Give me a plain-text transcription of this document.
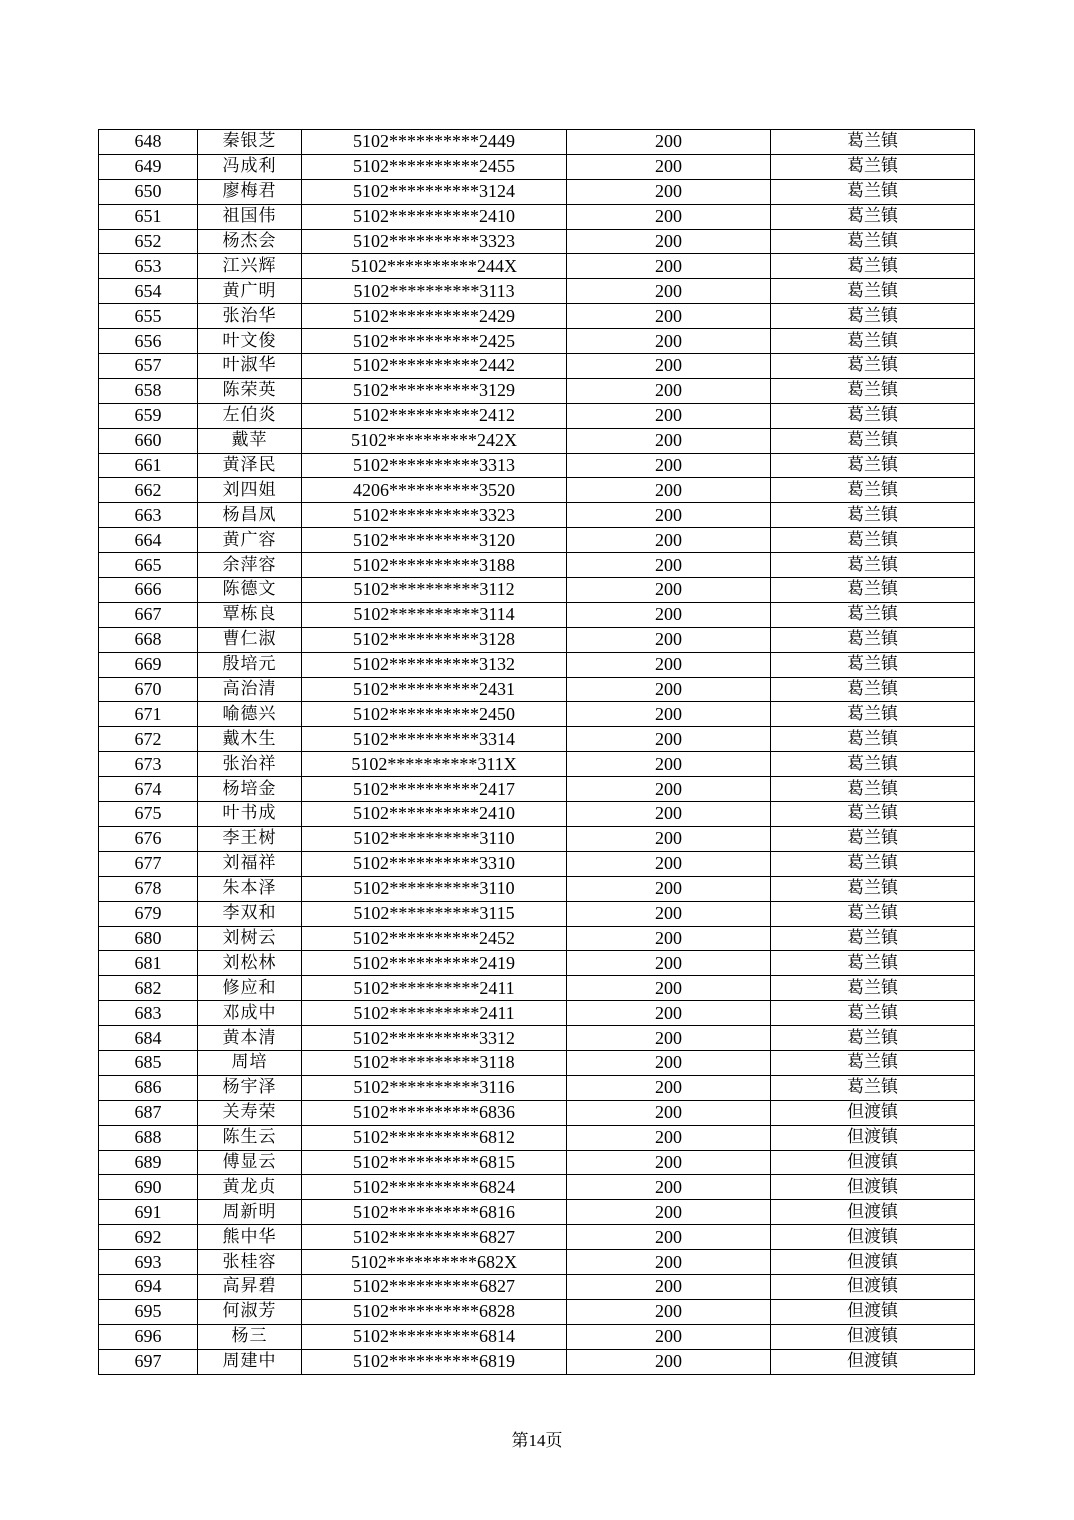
648	秦银芝	5102**********2449	200	葛兰镇
649	冯成利	5102**********2455	200	葛兰镇
650	廖梅君	5102**********3124	200	葛兰镇
651	祖国伟	5102**********2410	200	葛兰镇
652	杨杰会	5102**********3323	200	葛兰镇
653	江兴辉	5102**********244X	200	葛兰镇
654	黄广明	5102**********3113	200	葛兰镇
655	张治华	5102**********2429	200	葛兰镇
656	叶文俊	5102**********2425	200	葛兰镇
657	叶淑华	5102**********2442	200	葛兰镇
658	陈荣英	5102**********3129	200	葛兰镇
659	左伯炎	5102**********2412	200	葛兰镇
660	戴苹	5102**********242X	200	葛兰镇
661	黄泽民	5102**********3313	200	葛兰镇
662	刘四姐	4206**********3520	200	葛兰镇
663	杨昌凤	5102**********3323	200	葛兰镇
664	黄广容	5102**********3120	200	葛兰镇
665	余萍容	5102**********3188	200	葛兰镇
666	陈德文	5102**********3112	200	葛兰镇
667	覃栋良	5102**********3114	200	葛兰镇
668	曹仁淑	5102**********3128	200	葛兰镇
669	殷培元	5102**********3132	200	葛兰镇
670	高治清	5102**********2431	200	葛兰镇
671	喻德兴	5102**********2450	200	葛兰镇
672	戴木生	5102**********3314	200	葛兰镇
673	张治祥	5102**********311X	200	葛兰镇
674	杨培金	5102**********2417	200	葛兰镇
675	叶书成	5102**********2410	200	葛兰镇
676	李王树	5102**********3110	200	葛兰镇
677	刘福祥	5102**********3310	200	葛兰镇
678	朱本泽	5102**********3110	200	葛兰镇
679	李双和	5102**********3115	200	葛兰镇
680	刘树云	5102**********2452	200	葛兰镇
681	刘松林	5102**********2419	200	葛兰镇
682	修应和	5102**********2411	200	葛兰镇
683	邓成中	5102**********2411	200	葛兰镇
684	黄本清	5102**********3312	200	葛兰镇
685	周培	5102**********3118	200	葛兰镇
686	杨宇泽	5102**********3116	200	葛兰镇
687	关寿荣	5102**********6836	200	但渡镇
688	陈生云	5102**********6812	200	但渡镇
689	傅显云	5102**********6815	200	但渡镇
690	黄龙贞	5102**********6824	200	但渡镇
691	周新明	5102**********6816	200	但渡镇
692	熊中华	5102**********6827	200	但渡镇
693	张桂容	5102**********682X	200	但渡镇
694	高昇碧	5102**********6827	200	但渡镇
695	何淑芳	5102**********6828	200	但渡镇
696	杨三	5102**********6814	200	但渡镇
697	周建中	5102**********6819	200	但渡镇
第14页
